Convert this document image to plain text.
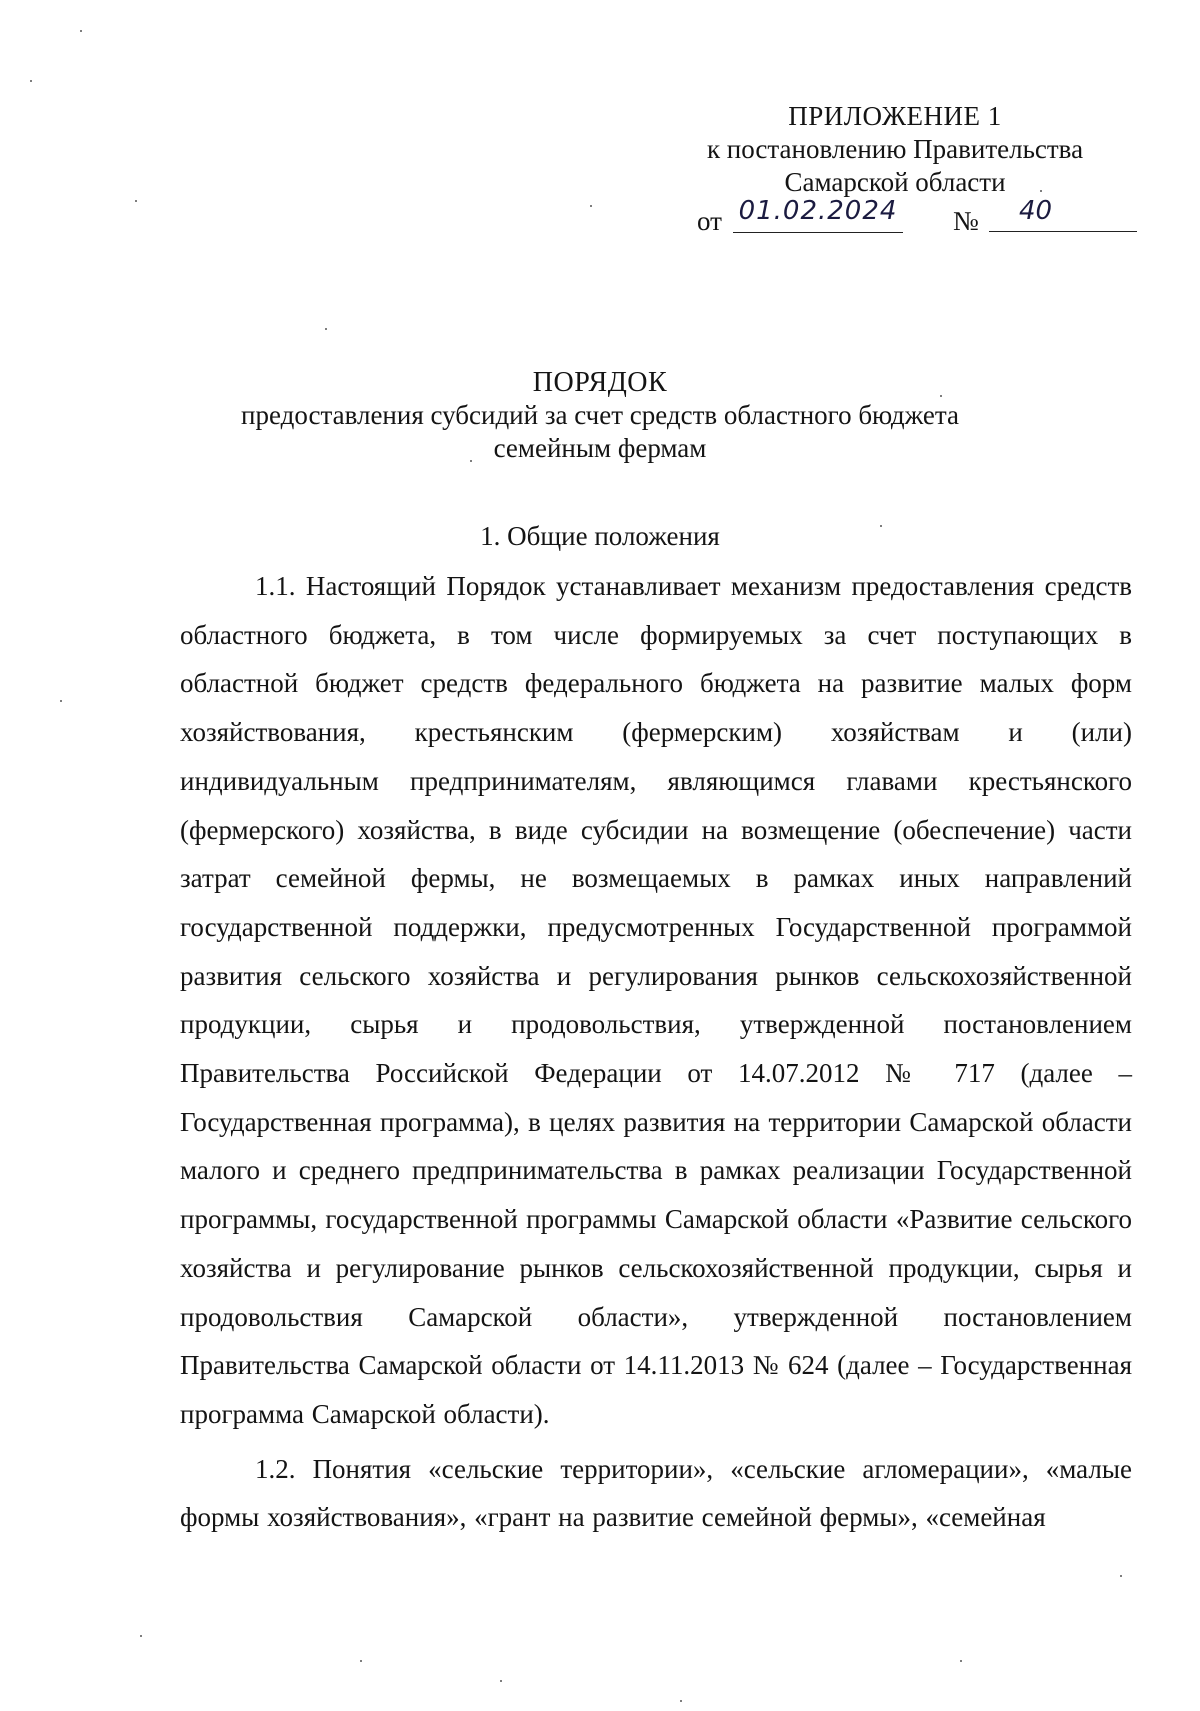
ПРИЛОЖЕНИЕ 1
к постановлению Правительства
Самарской области
от 01.02.2024 №	40
ПОРЯДОК
предоставления субсидий за счет средств областного бюджета
семейным фермам
1. Общие положения

1.1. Настоящий Порядок устанавливает механизм предоставления средств областного бюджета, в том числе формируемых за счет поступающих в областной бюджет средств федерального бюджета на развитие малых форм хозяйствования, крестьянским (фермерским) хозяйствам и (или) индивидуальным предпринимателям, являющимся главами крестьянского (фермерского) хозяйства, в виде субсидии на возмещение (обеспечение) части затрат семейной фермы, не возмещаемых в рамках иных направлений государственной поддержки, предусмотренных Государственной программой развития сельского хозяйства и регулирования рынков сельскохозяйственной продукции, сырья и продовольствия, утвержденной постановлением Правительства Российской Федерации от 14.07.2012 № 717 (далее – Государственная программа), в целях развития на территории Самарской области малого и среднего предпринимательства в рамках реализации Государственной программы, государственной программы Самарской области «Развитие сельского хозяйства и регулирование рынков сельскохозяйственной продукции, сырья и продовольствия Самарской области», утвержденной постановлением Правительства Самарской области от 14.11.2013 № 624 (далее – Государственная программа Самарской области).

1.2. Понятия «сельские территории», «сельские агломерации», «малые формы хозяйствования», «грант на развитие семейной фермы», «семейная
